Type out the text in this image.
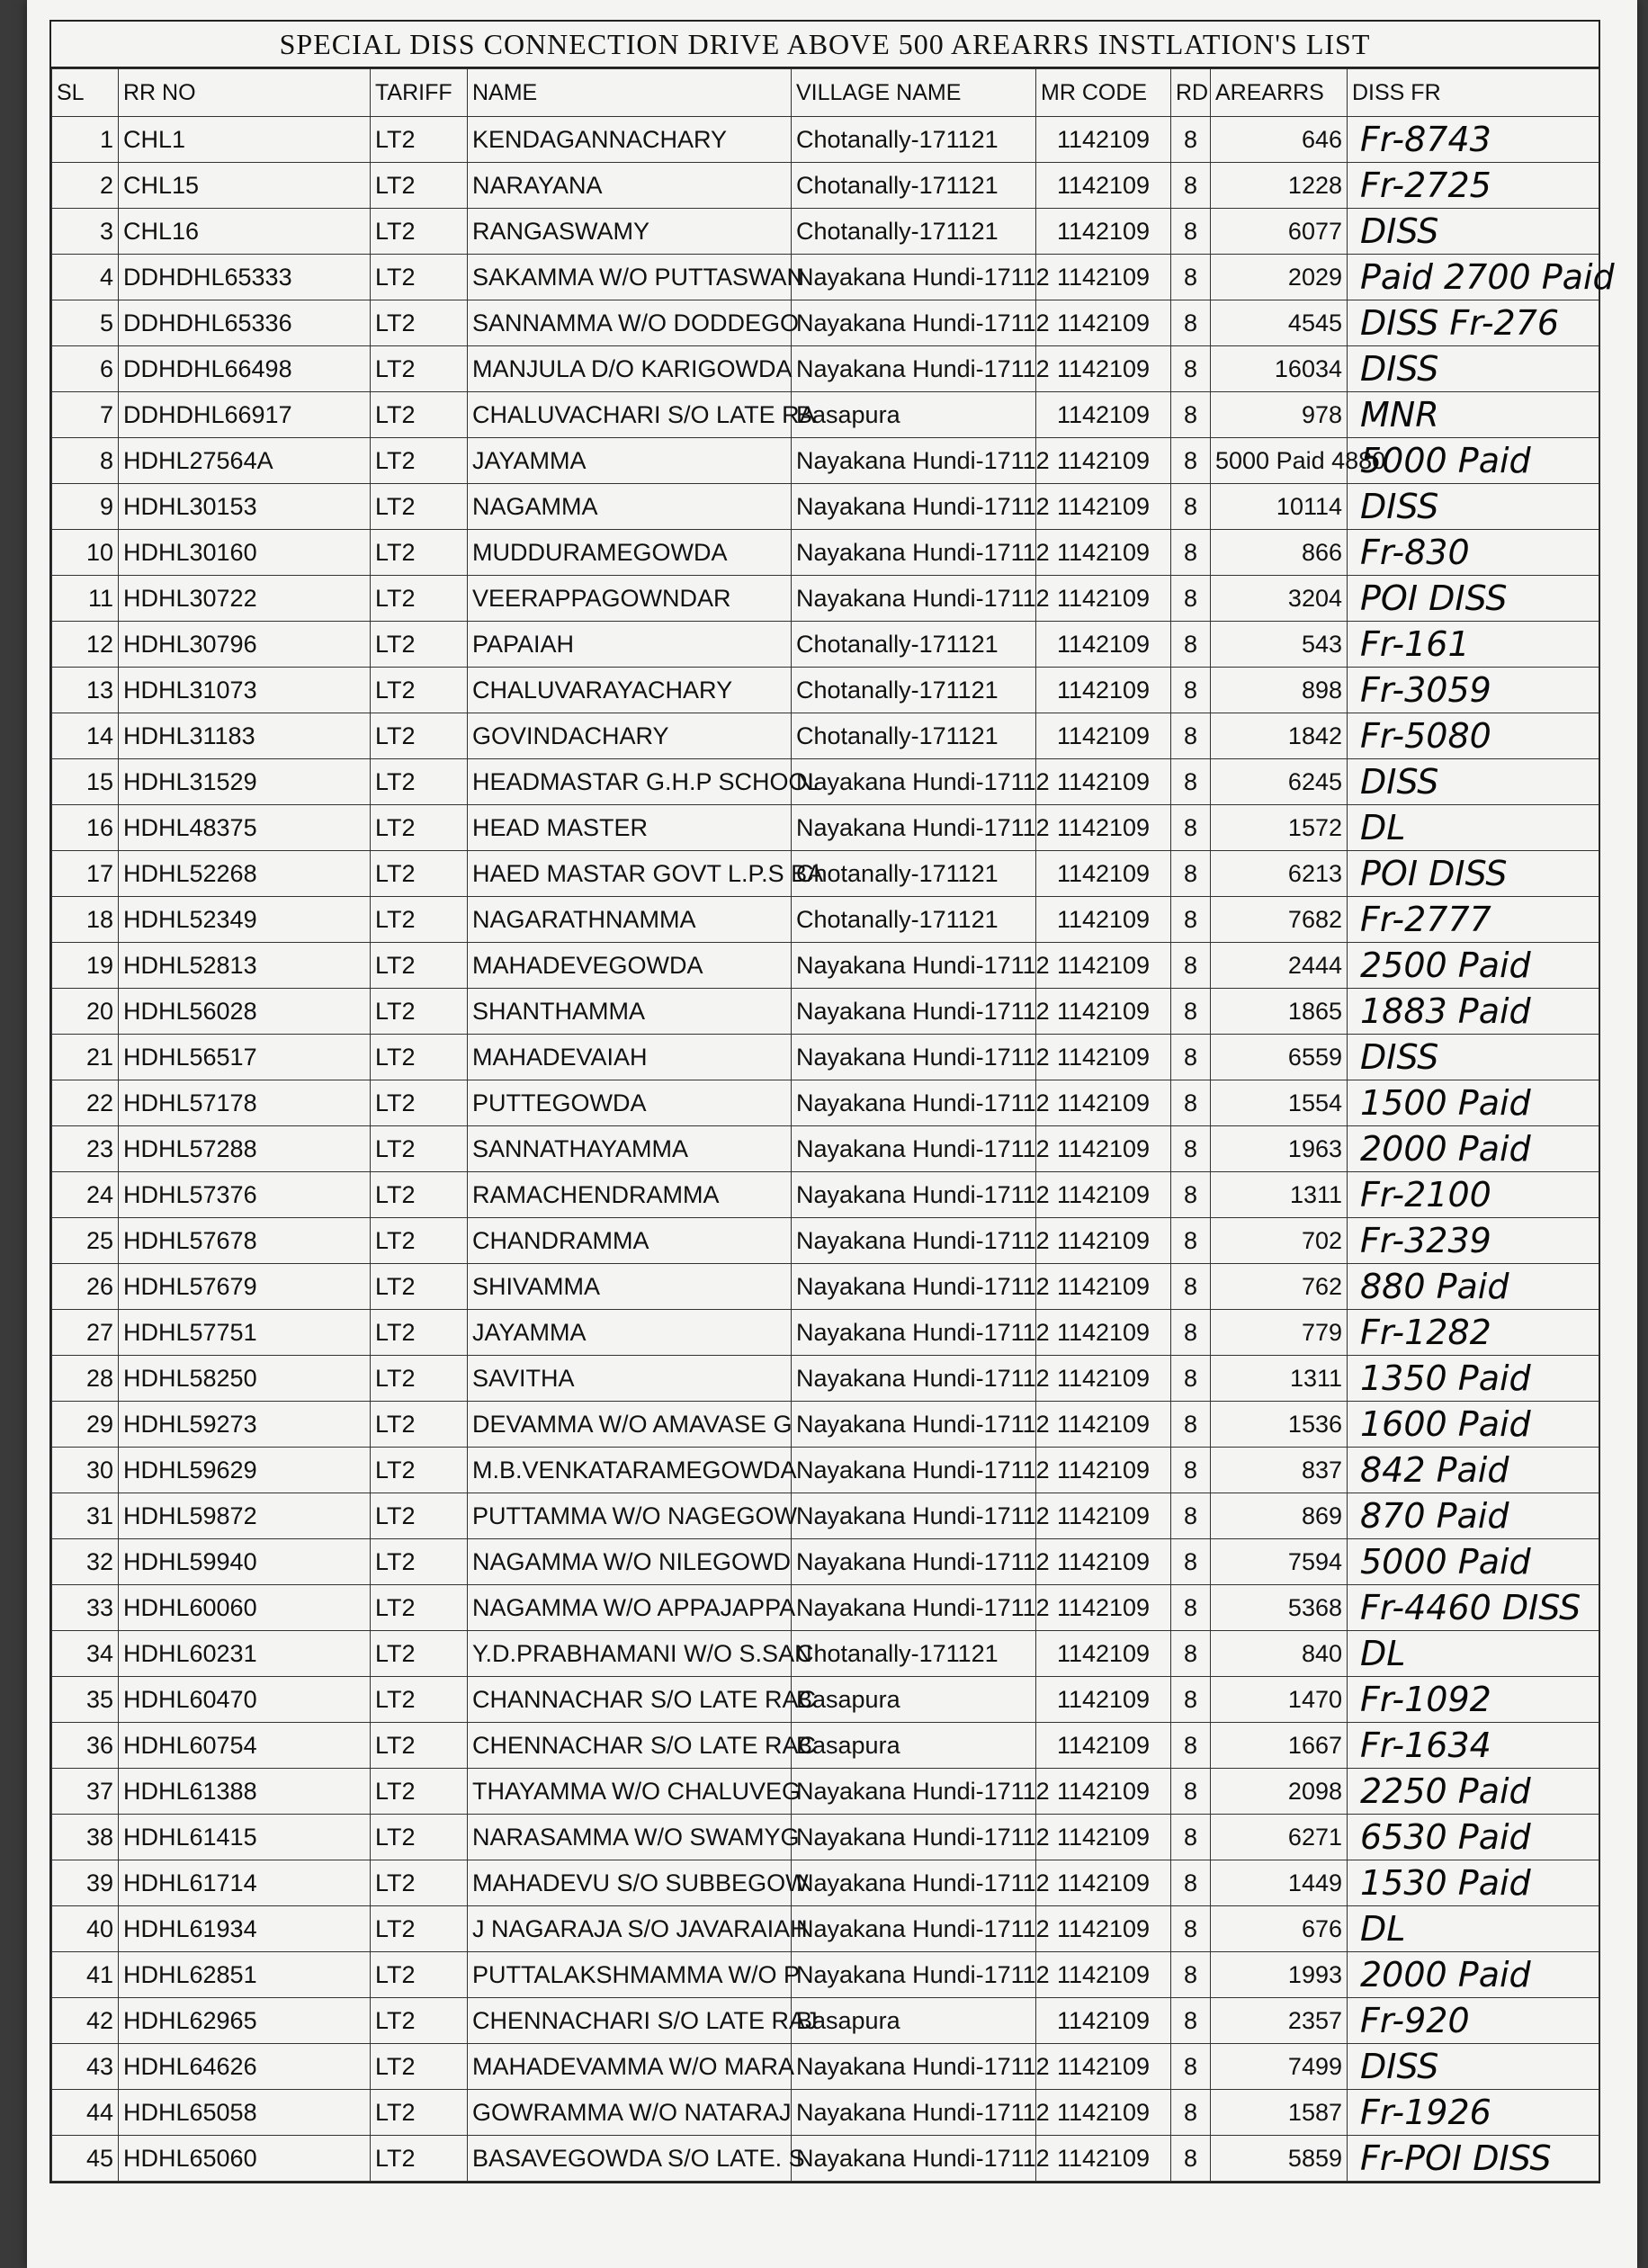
SPECIAL DISS CONNECTION DRIVE ABOVE 500 AREARRS INSTLATION'S LIST
SL	RR NO	TARIFF	NAME	VILLAGE NAME	MR CODE	RD	AREARRS	DISS FR
1	CHL1	LT2	KENDAGANNACHARY	Chotanally-171121	1142109	8	646	Fr-8743
2	CHL15	LT2	NARAYANA	Chotanally-171121	1142109	8	1228	Fr-2725
3	CHL16	LT2	RANGASWAMY	Chotanally-171121	1142109	8	6077	DISS
4	DDHDHL65333	LT2	SAKAMMA W/O PUTTASWAN	Nayakana Hundi-17112	1142109	8	2029	Paid 2700 Paid
5	DDHDHL65336	LT2	SANNAMMA W/O DODDEGO	Nayakana Hundi-17112	1142109	8	4545	DISS Fr-276
6	DDHDHL66498	LT2	MANJULA D/O KARIGOWDA	Nayakana Hundi-17112	1142109	8	16034	DISS
7	DDHDHL66917	LT2	CHALUVACHARI S/O LATE RA	Basapura	1142109	8	978	MNR
8	HDHL27564A	LT2	JAYAMMA	Nayakana Hundi-17112	1142109	8	5000 Paid 4880	5000 Paid
9	HDHL30153	LT2	NAGAMMA	Nayakana Hundi-17112	1142109	8	10114	DISS
10	HDHL30160	LT2	MUDDURAMEGOWDA	Nayakana Hundi-17112	1142109	8	866	Fr-830
11	HDHL30722	LT2	VEERAPPAGOWNDAR	Nayakana Hundi-17112	1142109	8	3204	POI DISS
12	HDHL30796	LT2	PAPAIAH	Chotanally-171121	1142109	8	543	Fr-161
13	HDHL31073	LT2	CHALUVARAYACHARY	Chotanally-171121	1142109	8	898	Fr-3059
14	HDHL31183	LT2	GOVINDACHARY	Chotanally-171121	1142109	8	1842	Fr-5080
15	HDHL31529	LT2	HEADMASTAR G.H.P SCHOOL	Nayakana Hundi-17112	1142109	8	6245	DISS
16	HDHL48375	LT2	HEAD MASTER	Nayakana Hundi-17112	1142109	8	1572	DL
17	HDHL52268	LT2	HAED MASTAR GOVT L.P.S BA	Chotanally-171121	1142109	8	6213	POI DISS
18	HDHL52349	LT2	NAGARATHNAMMA	Chotanally-171121	1142109	8	7682	Fr-2777
19	HDHL52813	LT2	MAHADEVEGOWDA	Nayakana Hundi-17112	1142109	8	2444	2500 Paid
20	HDHL56028	LT2	SHANTHAMMA	Nayakana Hundi-17112	1142109	8	1865	1883 Paid
21	HDHL56517	LT2	MAHADEVAIAH	Nayakana Hundi-17112	1142109	8	6559	DISS
22	HDHL57178	LT2	PUTTEGOWDA	Nayakana Hundi-17112	1142109	8	1554	1500 Paid
23	HDHL57288	LT2	SANNATHAYAMMA	Nayakana Hundi-17112	1142109	8	1963	2000 Paid
24	HDHL57376	LT2	RAMACHENDRAMMA	Nayakana Hundi-17112	1142109	8	1311	Fr-2100
25	HDHL57678	LT2	CHANDRAMMA	Nayakana Hundi-17112	1142109	8	702	Fr-3239
26	HDHL57679	LT2	SHIVAMMA	Nayakana Hundi-17112	1142109	8	762	880 Paid
27	HDHL57751	LT2	JAYAMMA	Nayakana Hundi-17112	1142109	8	779	Fr-1282
28	HDHL58250	LT2	SAVITHA	Nayakana Hundi-17112	1142109	8	1311	1350 Paid
29	HDHL59273	LT2	DEVAMMA W/O AMAVASE G	Nayakana Hundi-17112	1142109	8	1536	1600 Paid
30	HDHL59629	LT2	M.B.VENKATARAMEGOWDA	Nayakana Hundi-17112	1142109	8	837	842 Paid
31	HDHL59872	LT2	PUTTAMMA W/O NAGEGOW	Nayakana Hundi-17112	1142109	8	869	870 Paid
32	HDHL59940	LT2	NAGAMMA W/O NILEGOWD	Nayakana Hundi-17112	1142109	8	7594	5000 Paid
33	HDHL60060	LT2	NAGAMMA W/O APPAJAPPA	Nayakana Hundi-17112	1142109	8	5368	Fr-4460 DISS
34	HDHL60231	LT2	Y.D.PRABHAMANI W/O S.SAN	Chotanally-171121	1142109	8	840	DL
35	HDHL60470	LT2	CHANNACHAR S/O LATE RAC	Basapura	1142109	8	1470	Fr-1092
36	HDHL60754	LT2	CHENNACHAR S/O LATE RAC	Basapura	1142109	8	1667	Fr-1634
37	HDHL61388	LT2	THAYAMMA W/O CHALUVEG	Nayakana Hundi-17112	1142109	8	2098	2250 Paid
38	HDHL61415	LT2	NARASAMMA W/O SWAMYG	Nayakana Hundi-17112	1142109	8	6271	6530 Paid
39	HDHL61714	LT2	MAHADEVU S/O SUBBEGOW	Nayakana Hundi-17112	1142109	8	1449	1530 Paid
40	HDHL61934	LT2	J NAGARAJA S/O JAVARAIAH	Nayakana Hundi-17112	1142109	8	676	DL
41	HDHL62851	LT2	PUTTALAKSHMAMMA W/O P	Nayakana Hundi-17112	1142109	8	1993	2000 Paid
42	HDHL62965	LT2	CHENNACHARI S/O LATE RAJ	Basapura	1142109	8	2357	Fr-920
43	HDHL64626	LT2	MAHADEVAMMA W/O MARA	Nayakana Hundi-17112	1142109	8	7499	DISS
44	HDHL65058	LT2	GOWRAMMA W/O NATARAJ	Nayakana Hundi-17112	1142109	8	1587	Fr-1926
45	HDHL65060	LT2	BASAVEGOWDA S/O LATE. S	Nayakana Hundi-17112	1142109	8	5859	Fr-POI DISS
